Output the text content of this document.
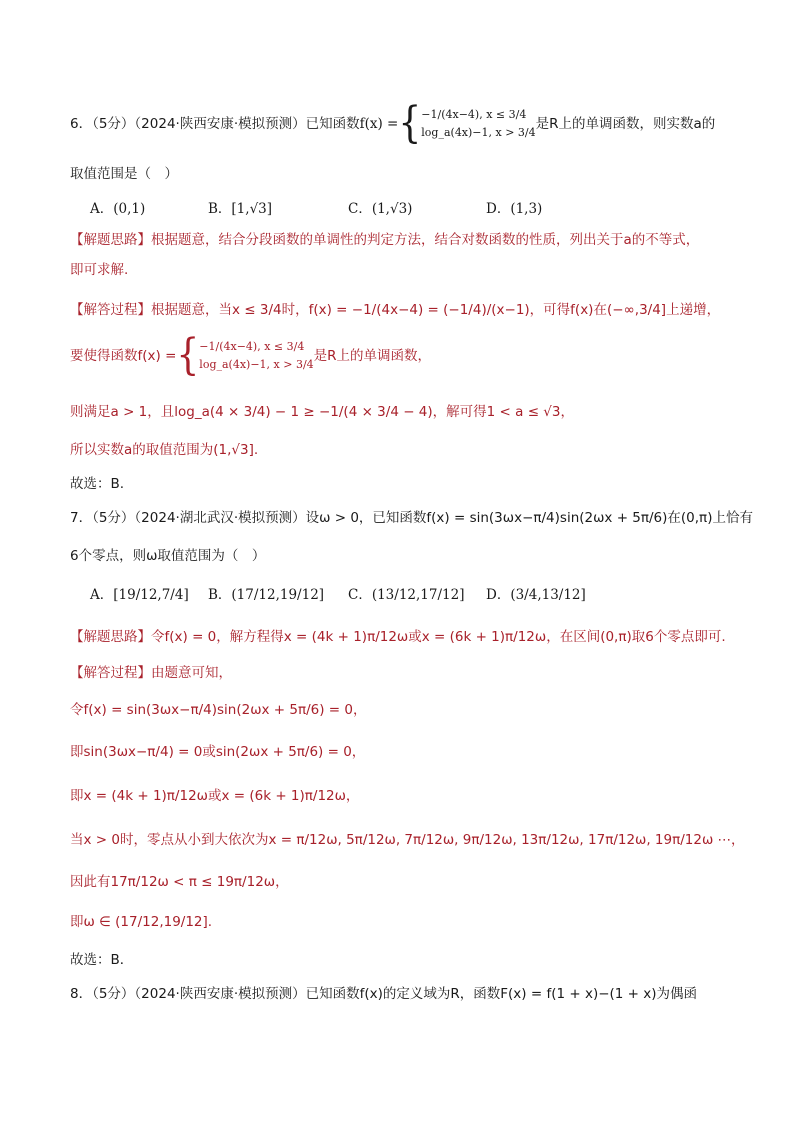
6．（5分）（2024·陕西安康·模拟预测）已知函数f(x) ={ −1/(4x−4), x ≤ 3/4
log_a(4x)−1, x > 3/4
是R上的单调函数，则实数a的
取值范围是（　）
A．(0,1)	B．[1,√3]	C．(1,√3)	D．(1,3)
【解题思路】根据题意，结合分段函数的单调性的判定方法，结合对数函数的性质，列出关于a的不等式，
即可求解.
【解答过程】根据题意，当x ≤ 3/4时，f(x) = −1/(4x−4) = (−1/4)/(x−1)，可得f(x)在(−∞,3/4]上递增，
要使得函数f(x) ={ −1/(4x−4), x ≤ 3/4
log_a(4x)−1, x > 3/4
是R上的单调函数，
则满足a > 1，且log_a(4 × 3/4) − 1 ≥ −1/(4 × 3/4 − 4)，解可得1 < a ≤ √3，
所以实数a的取值范围为(1,√3].
故选：B.
7．（5分）（2024·湖北武汉·模拟预测）设ω > 0，已知函数f(x) = sin(3ωx−π/4)sin(2ωx + 5π/6)在(0,π)上恰有
6个零点，则ω取值范围为（　）
A．[19/12,7/4] B．(17/12,19/12] C．(13/12,17/12] D．(3/4,13/12]
【解题思路】令f(x) = 0，解方程得x = (4k + 1)π/12ω或x = (6k + 1)π/12ω，在区间(0,π)取6个零点即可.
【解答过程】由题意可知，
令f(x) = sin(3ωx−π/4)sin(2ωx + 5π/6) = 0，
即sin(3ωx−π/4) = 0或sin(2ωx + 5π/6) = 0，
即x = (4k + 1)π/12ω或x = (6k + 1)π/12ω，
当x > 0时，零点从小到大依次为x = π/12ω, 5π/12ω, 7π/12ω, 9π/12ω, 13π/12ω, 17π/12ω, 19π/12ω ⋯，
因此有17π/12ω < π ≤ 19π/12ω，
即ω ∈ (17/12,19/12].
故选：B．
8．（5分）（2024·陕西安康·模拟预测）已知函数f(x)的定义域为R，函数F(x) = f(1 + x)−(1 + x)为偶函
